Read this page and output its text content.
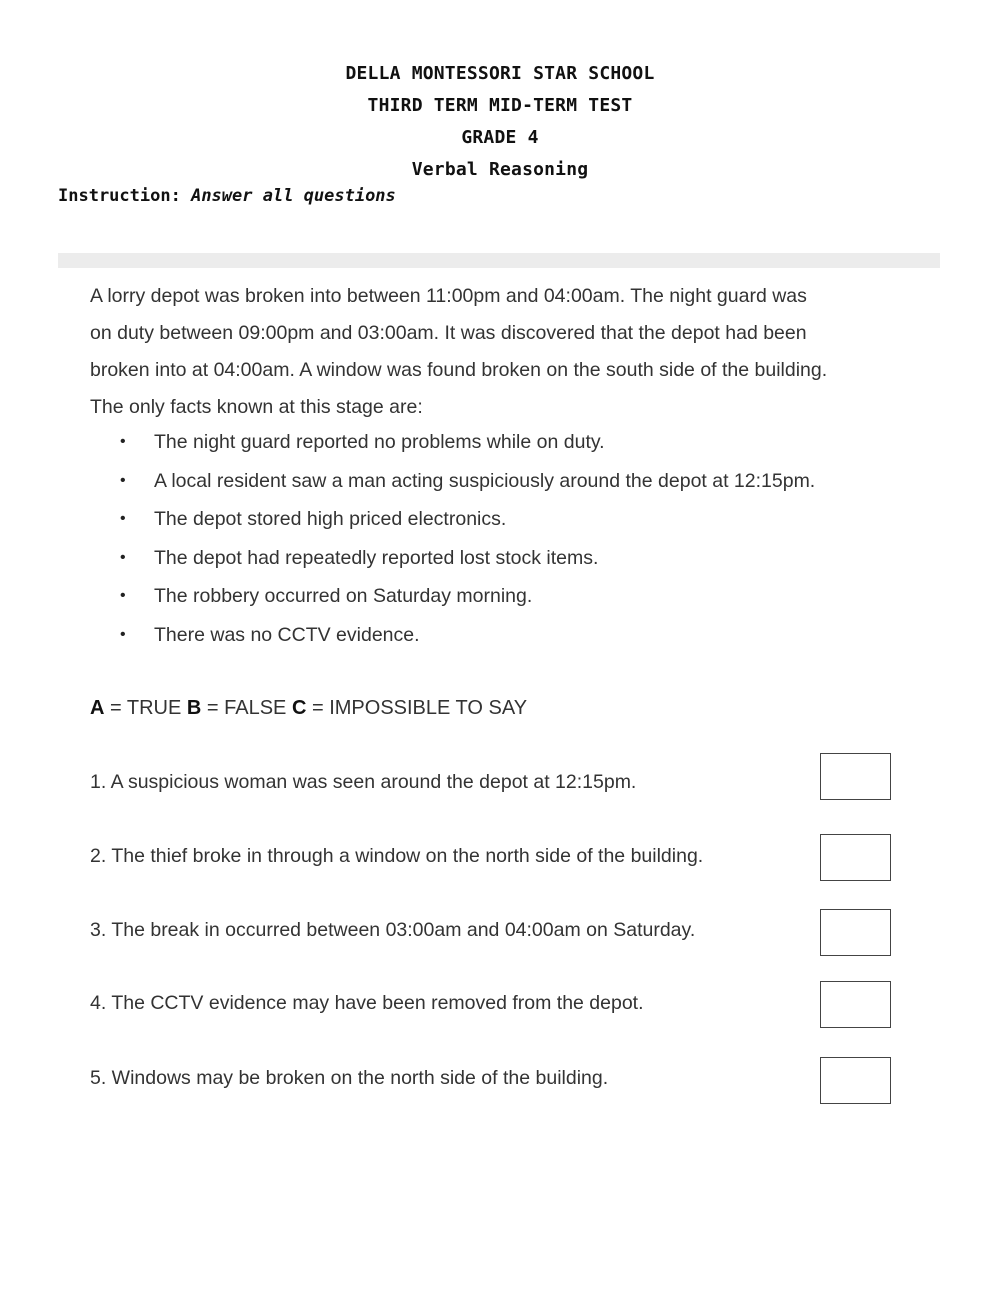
DELLA MONTESSORI STAR SCHOOL
THIRD TERM MID-TERM TEST
GRADE 4
Verbal Reasoning
Instruction: Answer all questions

A lorry depot was broken into between 11:00pm and 04:00am. The night guard was

on duty between 09:00pm and 03:00am. It was discovered that the depot had been

broken into at 04:00am. A window was found broken on the south side of the building.

The only facts known at this stage are:

• The night guard reported no problems while on duty.
• A local resident saw a man acting suspiciously around the depot at 12:15pm.
• The depot stored high priced electronics.
• The depot had repeatedly reported lost stock items.
• The robbery occurred on Saturday morning.
• There was no CCTV evidence.
A = TRUE B = FALSE C = IMPOSSIBLE TO SAY
1. A suspicious woman was seen around the depot at 12:15pm.
2. The thief broke in through a window on the north side of the building.
3. The break in occurred between 03:00am and 04:00am on Saturday.
4. The CCTV evidence may have been removed from the depot.
5. Windows may be broken on the north side of the building.
